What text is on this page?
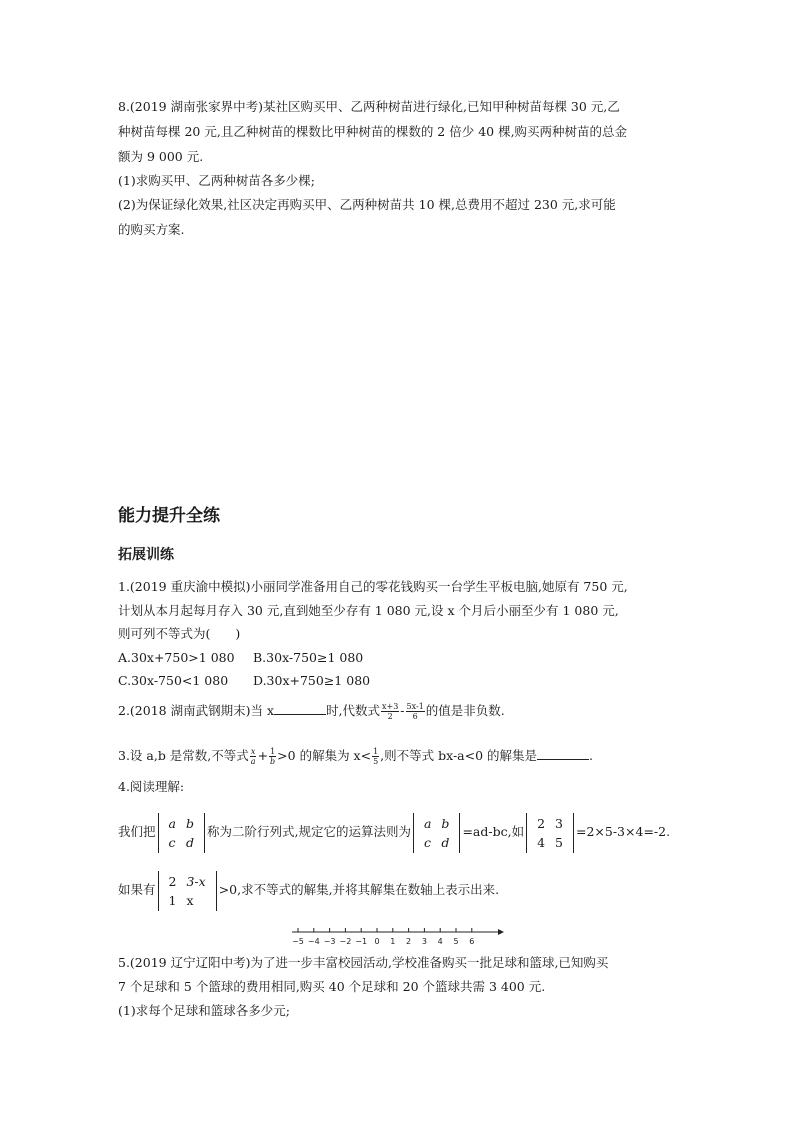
8.(2019 湖南张家界中考)某社区购买甲、乙两种树苗进行绿化,已知甲种树苗每棵 30 元,乙
种树苗每棵 20 元,且乙种树苗的棵数比甲种树苗的棵数的 2 倍少 40 棵,购买两种树苗的总金
额为 9 000 元.
(1)求购买甲、乙两种树苗各多少棵;
(2)为保证绿化效果,社区决定再购买甲、乙两种树苗共 10 棵,总费用不超过 230 元,求可能
的购买方案.
能力提升全练
拓展训练
1.(2019 重庆渝中模拟)小丽同学准备用自己的零花钱购买一台学生平板电脑,她原有 750 元,
计划从本月起每月存入 30 元,直到她至少存有 1 080 元,设 x 个月后小丽至少有 1 080 元,
则可列不等式为(　　)
A.30x+750>1 080 B.30x-750≥1 080
C.30x-750<1 080 D.30x+750≥1 080
2.(2018 湖南武钢期末)当 x	时,代数式 $\frac{x+3}{2} - \frac{5x-1}{6}$ 的值是非负数.
3.设 a,b 是常数,不等式 $\frac{x}{a} + \frac{1}{b} >0$ 的解集为 $x< \frac{1}{5}$ ,则不等式 bx-a<0 的解集是	.
4.阅读理解:
我们把
a	b
c	d
称为二阶行列式,规定它的运算法则为
a	b
c	d
=ad-bc,如
2	3
4	5
=2×5-3×4=-2.
如果有
2	3-x
1	x
>0,求不等式的解集,并将其解集在数轴上表示出来.
−5 −4 −3 −2 −1 0 1 2 3 4 5 6
5.(2019 辽宁辽阳中考)为了进一步丰富校园活动,学校准备购买一批足球和篮球,已知购买
7 个足球和 5 个篮球的费用相同,购买 40 个足球和 20 个篮球共需 3 400 元.
(1)求每个足球和篮球各多少元;
